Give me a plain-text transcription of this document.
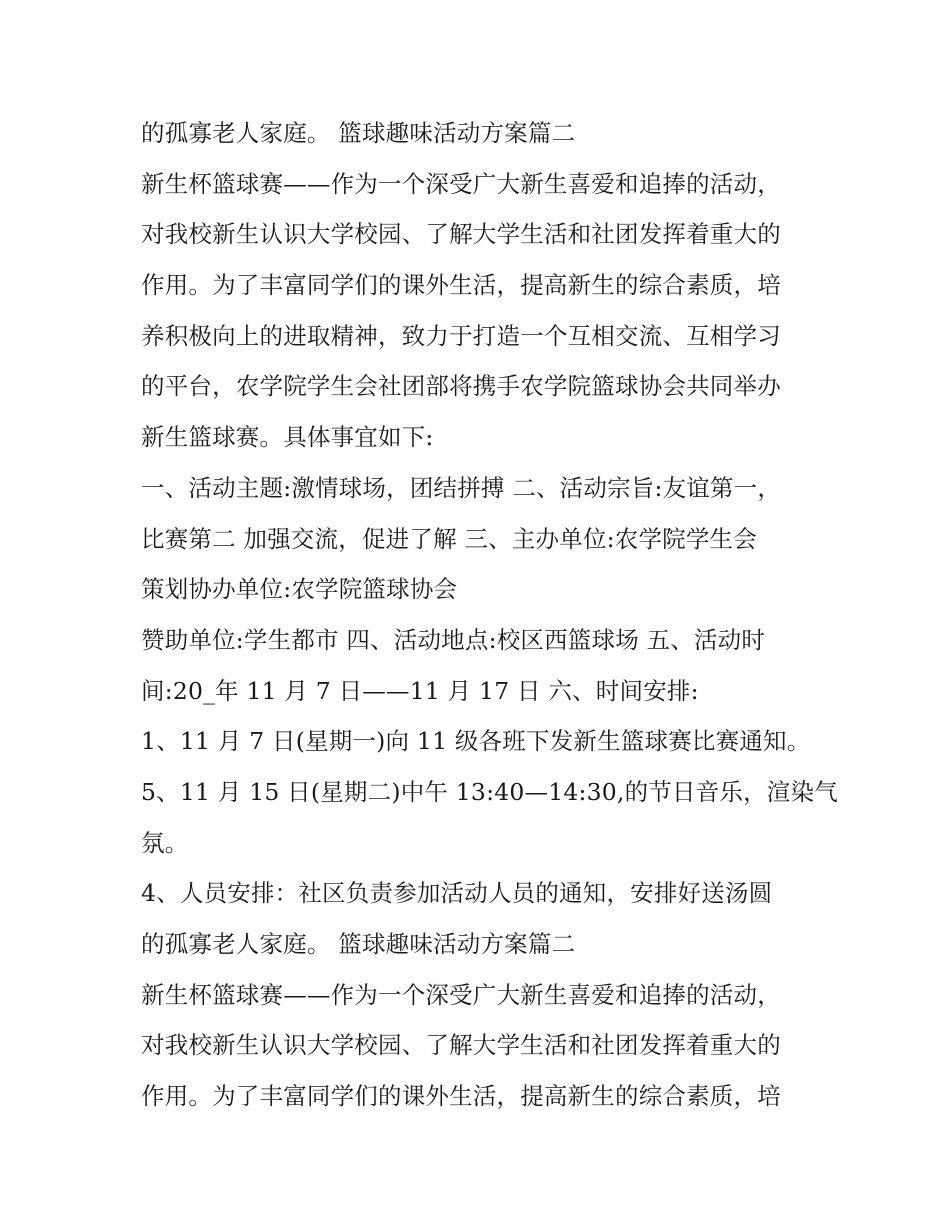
的孤寡老人家庭。 篮球趣味活动方案篇二
新生杯篮球赛——作为一个深受广大新生喜爱和追捧的活动，
对我校新生认识大学校园、了解大学生活和社团发挥着重大的
作用。为了丰富同学们的课外生活，提高新生的综合素质，培
养积极向上的进取精神，致力于打造一个互相交流、互相学习
的平台，农学院学生会社团部将携手农学院篮球协会共同举办
新生篮球赛。具体事宜如下:
一、活动主题:激情球场，团结拼搏 二、活动宗旨:友谊第一，
比赛第二 加强交流，促进了解 三、主办单位:农学院学生会
策划协办单位:农学院篮球协会
赞助单位:学生都市 四、活动地点:校区西篮球场 五、活动时
间:20_年 11 月 7 日——11 月 17 日 六、时间安排:
1、11 月 7 日(星期一)向 11 级各班下发新生篮球赛比赛通知。
5、11 月 15 日(星期二)中午 13:40—14:30,的节日音乐，渲染气
氛。
4、人员安排：社区负责参加活动人员的通知，安排好送汤圆
的孤寡老人家庭。 篮球趣味活动方案篇二
新生杯篮球赛——作为一个深受广大新生喜爱和追捧的活动，
对我校新生认识大学校园、了解大学生活和社团发挥着重大的
作用。为了丰富同学们的课外生活，提高新生的综合素质，培
